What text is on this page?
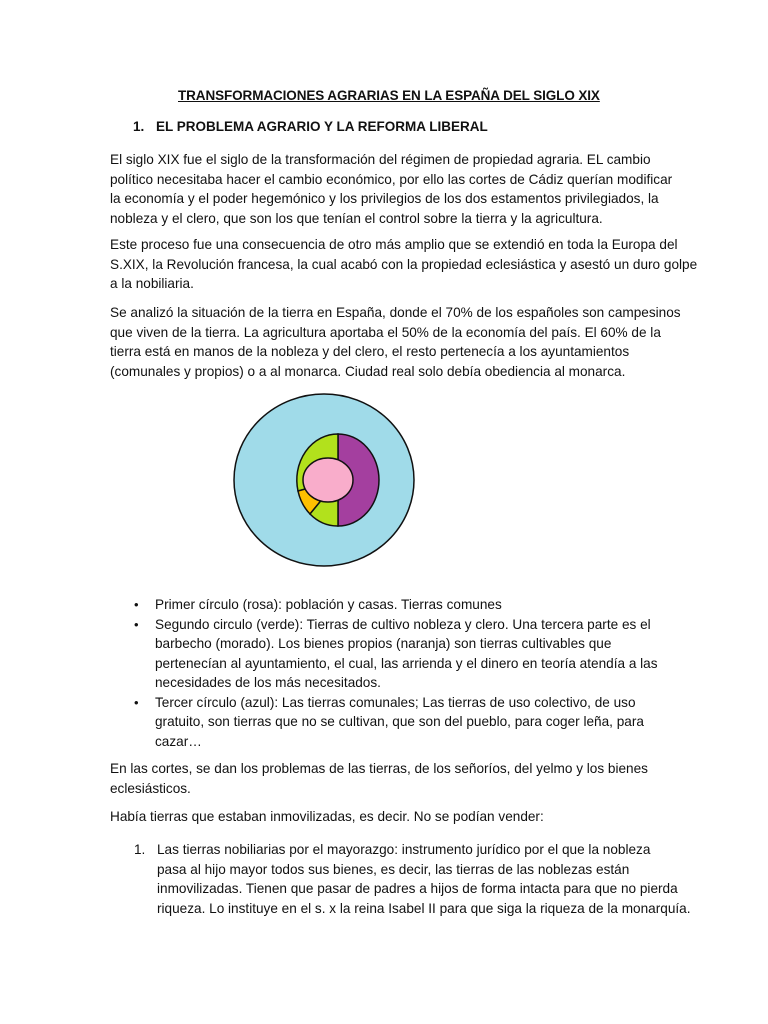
TRANSFORMACIONES AGRARIAS EN LA ESPAÑA DEL SIGLO XIX
1. EL PROBLEMA AGRARIO Y LA REFORMA LIBERAL
El siglo XIX fue el siglo de la transformación del régimen de propiedad agraria. EL cambio
político necesitaba hacer el cambio económico, por ello las cortes de Cádiz querían modificar
la economía y el poder hegemónico y los privilegios de los dos estamentos privilegiados, la
nobleza y el clero, que son los que tenían el control sobre la tierra y la agricultura.
Este proceso fue una consecuencia de otro más amplio que se extendió en toda la Europa del
S.XIX, la Revolución francesa, la cual acabó con la propiedad eclesiástica y asestó un duro golpe
a la nobiliaria.
Se analizó la situación de la tierra en España, donde el 70% de los españoles son campesinos
que viven de la tierra. La agricultura aportaba el 50% de la economía del país. El 60% de la
tierra está en manos de la nobleza y del clero, el resto pertenecía a los ayuntamientos
(comunales y propios) o a al monarca. Ciudad real solo debía obediencia al monarca.
• Primer círculo (rosa): población y casas. Tierras comunes
• Segundo circulo (verde): Tierras de cultivo nobleza y clero. Una tercera parte es el
barbecho (morado). Los bienes propios (naranja) son tierras cultivables que
pertenecían al ayuntamiento, el cual, las arrienda y el dinero en teoría atendía a las
necesidades de los más necesitados.
• Tercer círculo (azul): Las tierras comunales; Las tierras de uso colectivo, de uso
gratuito, son tierras que no se cultivan, que son del pueblo, para coger leña, para
cazar…
En las cortes, se dan los problemas de las tierras, de los señoríos, del yelmo y los bienes
eclesiásticos.
Había tierras que estaban inmovilizadas, es decir. No se podían vender:
1. Las tierras nobiliarias por el mayorazgo: instrumento jurídico por el que la nobleza
pasa al hijo mayor todos sus bienes, es decir, las tierras de las noblezas están
inmovilizadas. Tienen que pasar de padres a hijos de forma intacta para que no pierda
riqueza. Lo instituye en el s. x la reina Isabel II para que siga la riqueza de la monarquía.
